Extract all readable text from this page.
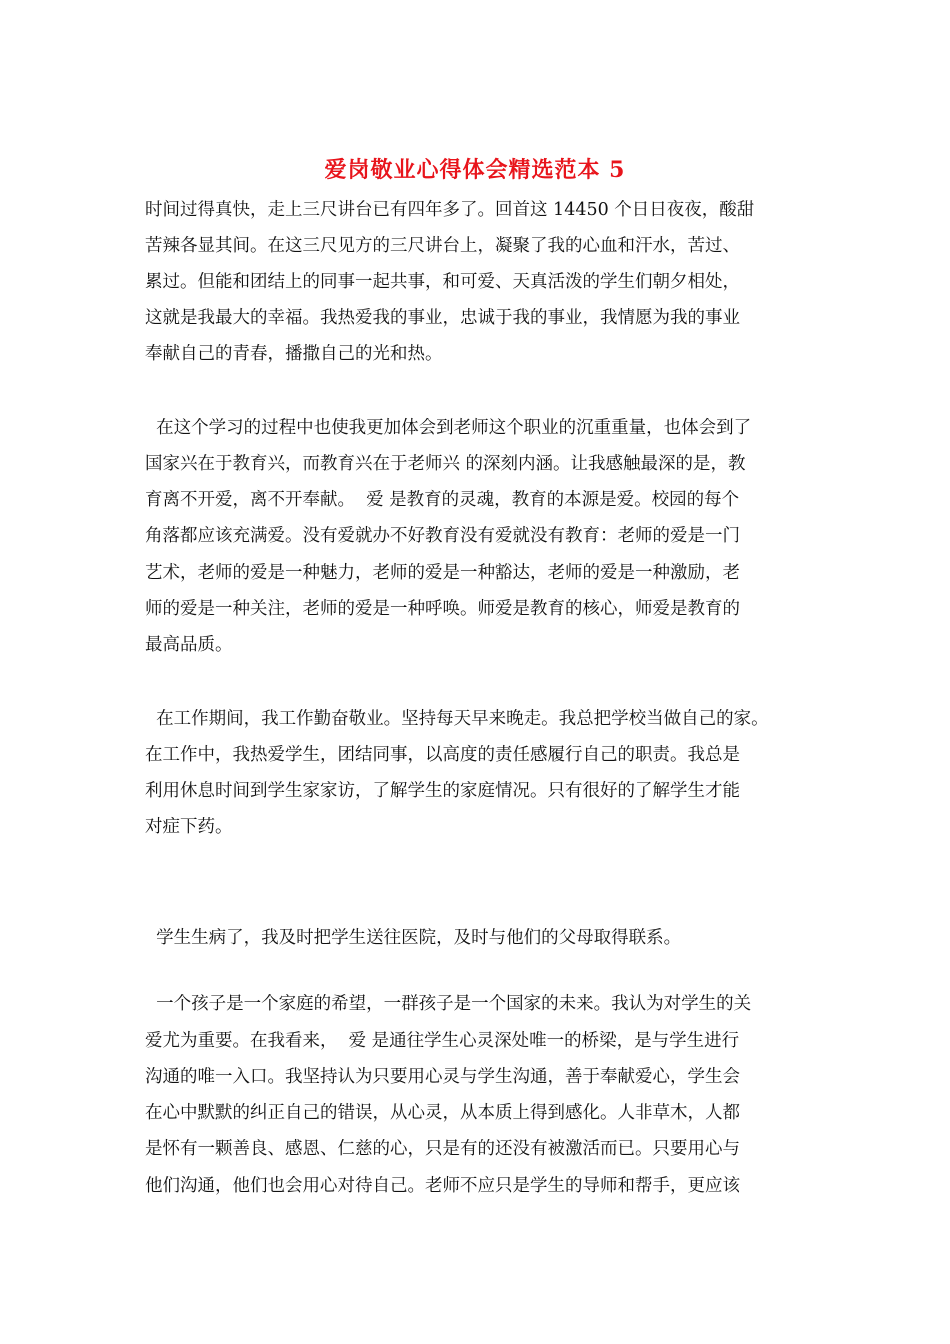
爱岗敬业心得体会精选范本 5
时间过得真快，走上三尺讲台已有四年多了。回首这 14450 个日日夜夜，酸甜
苦辣各显其间。在这三尺见方的三尺讲台上，凝聚了我的心血和汗水，苦过、
累过。但能和团结上的同事一起共事，和可爱、天真活泼的学生们朝夕相处，
这就是我最大的幸福。我热爱我的事业，忠诚于我的事业，我情愿为我的事业
奉献自己的青春，播撒自己的光和热。
在这个学习的过程中也使我更加体会到老师这个职业的沉重重量，也体会到了
国家兴在于教育兴，而教育兴在于老师兴 的深刻内涵。让我感触最深的是，教
育离不开爱，离不开奉献。  爱 是教育的灵魂，教育的本源是爱。校园的每个
角落都应该充满爱。没有爱就办不好教育没有爱就没有教育：老师的爱是一门
艺术，老师的爱是一种魅力，老师的爱是一种豁达，老师的爱是一种激励，老
师的爱是一种关注，老师的爱是一种呼唤。师爱是教育的核心，师爱是教育的
最高品质。
在工作期间，我工作勤奋敬业。坚持每天早来晚走。我总把学校当做自己的家。
在工作中，我热爱学生，团结同事，以高度的责任感履行自己的职责。我总是
利用休息时间到学生家家访，了解学生的家庭情况。只有很好的了解学生才能
对症下药。
学生生病了，我及时把学生送往医院，及时与他们的父母取得联系。
一个孩子是一个家庭的希望，一群孩子是一个国家的未来。我认为对学生的关
爱尤为重要。在我看来，  爱 是通往学生心灵深处唯一的桥梁，是与学生进行
沟通的唯一入口。我坚持认为只要用心灵与学生沟通，善于奉献爱心，学生会
在心中默默的纠正自己的错误，从心灵，从本质上得到感化。人非草木，人都
是怀有一颗善良、感恩、仁慈的心，只是有的还没有被激活而已。只要用心与
他们沟通，他们也会用心对待自己。老师不应只是学生的导师和帮手，更应该
